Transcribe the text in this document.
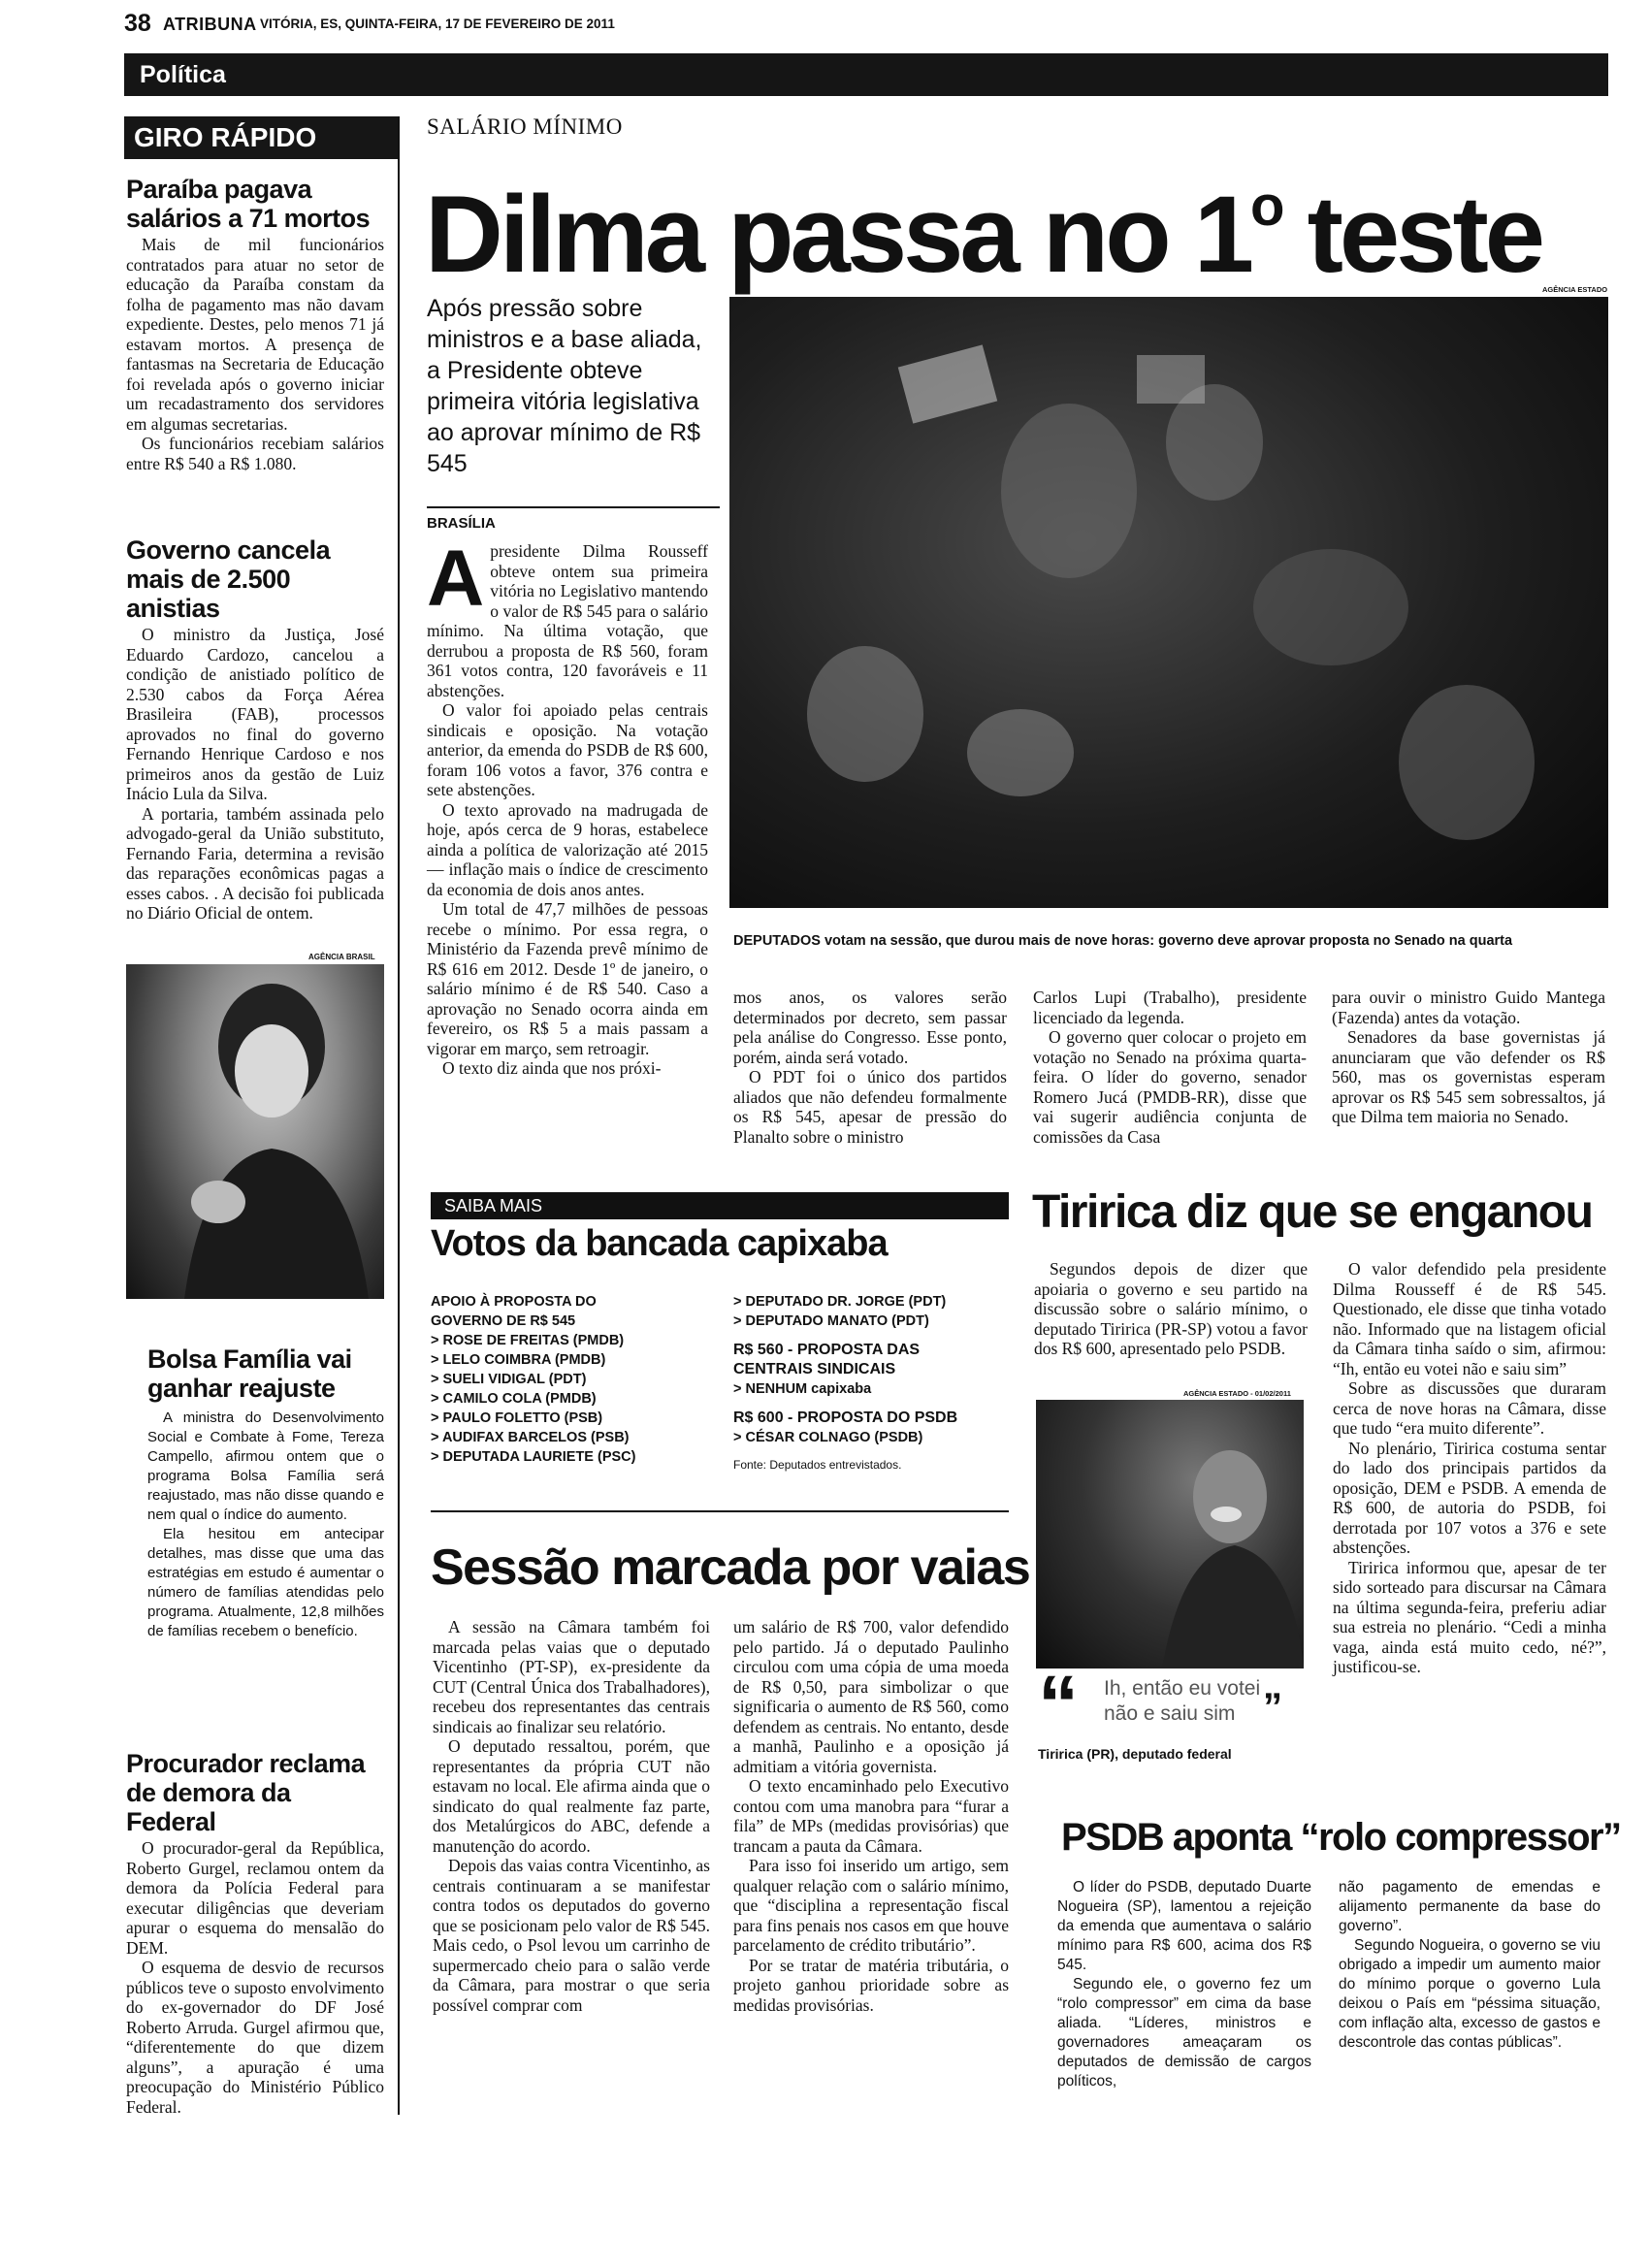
38 ATRIBUNA VITÓRIA, ES, QUINTA-FEIRA, 17 DE FEVEREIRO DE 2011
Política
GIRO RÁPIDO
Paraíba pagava salários a 71 mortos

Mais de mil funcionários contratados para atuar no setor de educação da Paraíba constam da folha de pagamento mas não davam expediente. Destes, pelo menos 71 já estavam mortos. A presença de fantasmas na Secretaria de Educação foi revelada após o governo iniciar um recadastramento dos servidores em algumas secretarias.

Os funcionários recebiam salários entre R$ 540 a R$ 1.080.

Governo cancela mais de 2.500 anistias

O ministro da Justiça, José Eduardo Cardozo, cancelou a condição de anistiado político de 2.530 cabos da Força Aérea Brasileira (FAB), processos aprovados no final do governo Fernando Henrique Cardoso e nos primeiros anos da gestão de Luiz Inácio Lula da Silva.

A portaria, também assinada pelo advogado-geral da União substituto, Fernando Faria, determina a revisão das reparações econômicas pagas a esses cabos. . A decisão foi publicada no Diário Oficial de ontem.

AGÊNCIA BRASIL
Bolsa Família vai ganhar reajuste

A ministra do Desenvolvimento Social e Combate à Fome, Tereza Campello, afirmou ontem que o programa Bolsa Família será reajustado, mas não disse quando e nem qual o índice do aumento.

Ela hesitou em antecipar detalhes, mas disse que uma das estratégias em estudo é aumentar o número de famílias atendidas pelo programa. Atualmente, 12,8 milhões de famílias recebem o benefício.

Procurador reclama de demora da Federal

O procurador-geral da República, Roberto Gurgel, reclamou ontem da demora da Polícia Federal para executar diligências que deveriam apurar o esquema do mensalão do DEM.

O esquema de desvio de recursos públicos teve o suposto envolvimento do ex-governador do DF José Roberto Arruda. Gurgel afirmou que, “diferentemente do que dizem alguns”, a apuração é uma preocupação do Ministério Público Federal.

SALÁRIO MÍNIMO
Dilma passa no 1$^o$ teste
Após pressão sobre ministros e a base aliada, a Presidente obteve primeira vitória legislativa ao aprovar mínimo de R$ 545
BRASÍLIA
A presidente Dilma Rousseff obteve ontem sua primeira vitória no Legislativo mantendo o valor de R$ 545 para o salário mínimo. Na última votação, que derrubou a proposta de R$ 560, foram 361 votos contra, 120 favoráveis e 11 abstenções.

O valor foi apoiado pelas centrais sindicais e oposição. Na votação anterior, da emenda do PSDB de R$ 600, foram 106 votos a favor, 376 contra e sete abstenções.

O texto aprovado na madrugada de hoje, após cerca de 9 horas, estabelece ainda a política de valorização até 2015 — inflação mais o índice de crescimento da economia de dois anos antes.

Um total de 47,7 milhões de pessoas recebe o mínimo. Por essa regra, o Ministério da Fazenda prevê mínimo de R$ 616 em 2012. Desde 1º de janeiro, o salário mínimo é de R$ 540. Caso a aprovação no Senado ocorra ainda em fevereiro, os R$ 5 a mais passam a vigorar em março, sem retroagir.

O texto diz ainda que nos próxi-

AGÊNCIA ESTADO
DEPUTADOS votam na sessão, que durou mais de nove horas: governo deve aprovar proposta no Senado na quarta

mos anos, os valores serão determinados por decreto, sem passar pela análise do Congresso. Esse ponto, porém, ainda será votado.

O PDT foi o único dos partidos aliados que não defendeu formalmente os R$ 545, apesar de pressão do Planalto sobre o ministro

Carlos Lupi (Trabalho), presidente licenciado da legenda.

O governo quer colocar o projeto em votação no Senado na próxima quarta-feira. O líder do governo, senador Romero Jucá (PMDB-RR), disse que vai sugerir audiência conjunta de comissões da Casa

para ouvir o ministro Guido Mantega (Fazenda) antes da votação.

Senadores da base governistas já anunciaram que vão defender os R$ 560, mas os governistas esperam aprovar os R$ 545 sem sobressaltos, já que Dilma tem maioria no Senado.

SAIBA MAIS
Votos da bancada capixaba
APOIO À PROPOSTA DO GOVERNO DE R$ 545
> ROSE DE FREITAS (PMDB)
> LELO COIMBRA (PMDB)
> SUELI VIDIGAL (PDT)
> CAMILO COLA (PMDB)
> PAULO FOLETTO (PSB)
> AUDIFAX BARCELOS (PSB)
> DEPUTADA LAURIETE (PSC)
> DEPUTADO DR. JORGE (PDT)
> DEPUTADO MANATO (PDT)
R$ 560 - PROPOSTA DAS CENTRAIS SINDICAIS
> NENHUM capixaba
R$ 600 - PROPOSTA DO PSDB
> CÉSAR COLNAGO (PSDB)
Fonte: Deputados entrevistados.
Sessão marcada por vaias

A sessão na Câmara também foi marcada pelas vaias que o deputado Vicentinho (PT-SP), ex-presidente da CUT (Central Única dos Trabalhadores), recebeu dos representantes das centrais sindicais ao finalizar seu relatório.

O deputado ressaltou, porém, que representantes da própria CUT não estavam no local. Ele afirma ainda que o sindicato do qual realmente faz parte, dos Metalúrgicos do ABC, defende a manutenção do acordo.

Depois das vaias contra Vicentinho, as centrais continuaram a se manifestar contra todos os deputados do governo que se posicionam pelo valor de R$ 545. Mais cedo, o Psol levou um carrinho de supermercado cheio para o salão verde da Câmara, para mostrar o que seria possível comprar com

um salário de R$ 700, valor defendido pelo partido. Já o deputado Paulinho circulou com uma cópia de uma moeda de R$ 0,50, para simbolizar o que significaria o aumento de R$ 560, como defendem as centrais. No entanto, desde a manhã, Paulinho e a oposição já admitiam a vitória governista.

O texto encaminhado pelo Executivo contou com uma manobra para “furar a fila” de MPs (medidas provisórias) que trancam a pauta da Câmara.

Para isso foi inserido um artigo, sem qualquer relação com o salário mínimo, que “disciplina a representação fiscal para fins penais nos casos em que houve parcelamento de crédito tributário”.

Por se tratar de matéria tributária, o projeto ganhou prioridade sobre as medidas provisórias.

Tiririca diz que se enganou

Segundos depois de dizer que apoiaria o governo e seu partido na discussão sobre o salário mínimo, o deputado Tiririca (PR-SP) votou a favor dos R$ 600, apresentado pelo PSDB.

AGÊNCIA ESTADO - 01/02/2011
“ Ih, então eu votei não e saiu sim ”
Tiririca (PR), deputado federal

O valor defendido pela presidente Dilma Rousseff é de R$ 545. Questionado, ele disse que tinha votado não. Informado que na listagem oficial da Câmara tinha saído o sim, afirmou: “Ih, então eu votei não e saiu sim”

Sobre as discussões que duraram cerca de nove horas na Câmara, disse que tudo “era muito diferente”.

No plenário, Tiririca costuma sentar do lado dos principais partidos da oposição, DEM e PSDB. A emenda de R$ 600, de autoria do PSDB, foi derrotada por 107 votos a 376 e sete abstenções.

Tiririca informou que, apesar de ter sido sorteado para discursar na Câmara na última segunda-feira, preferiu adiar sua estreia no plenário. “Cedi a minha vaga, ainda está muito cedo, né?”, justificou-se.

PSDB aponta “rolo compressor”

O líder do PSDB, deputado Duarte Nogueira (SP), lamentou a rejeição da emenda que aumentava o salário mínimo para R$ 600, acima dos R$ 545.

Segundo ele, o governo fez um “rolo compressor” em cima da base aliada. “Líderes, ministros e governadores ameaçaram os deputados de demissão de cargos políticos,

não pagamento de emendas e alijamento permanente da base do governo”.

Segundo Nogueira, o governo se viu obrigado a impedir um aumento maior do mínimo porque o governo Lula deixou o País em “péssima situação, com inflação alta, excesso de gastos e descontrole das contas públicas”.
